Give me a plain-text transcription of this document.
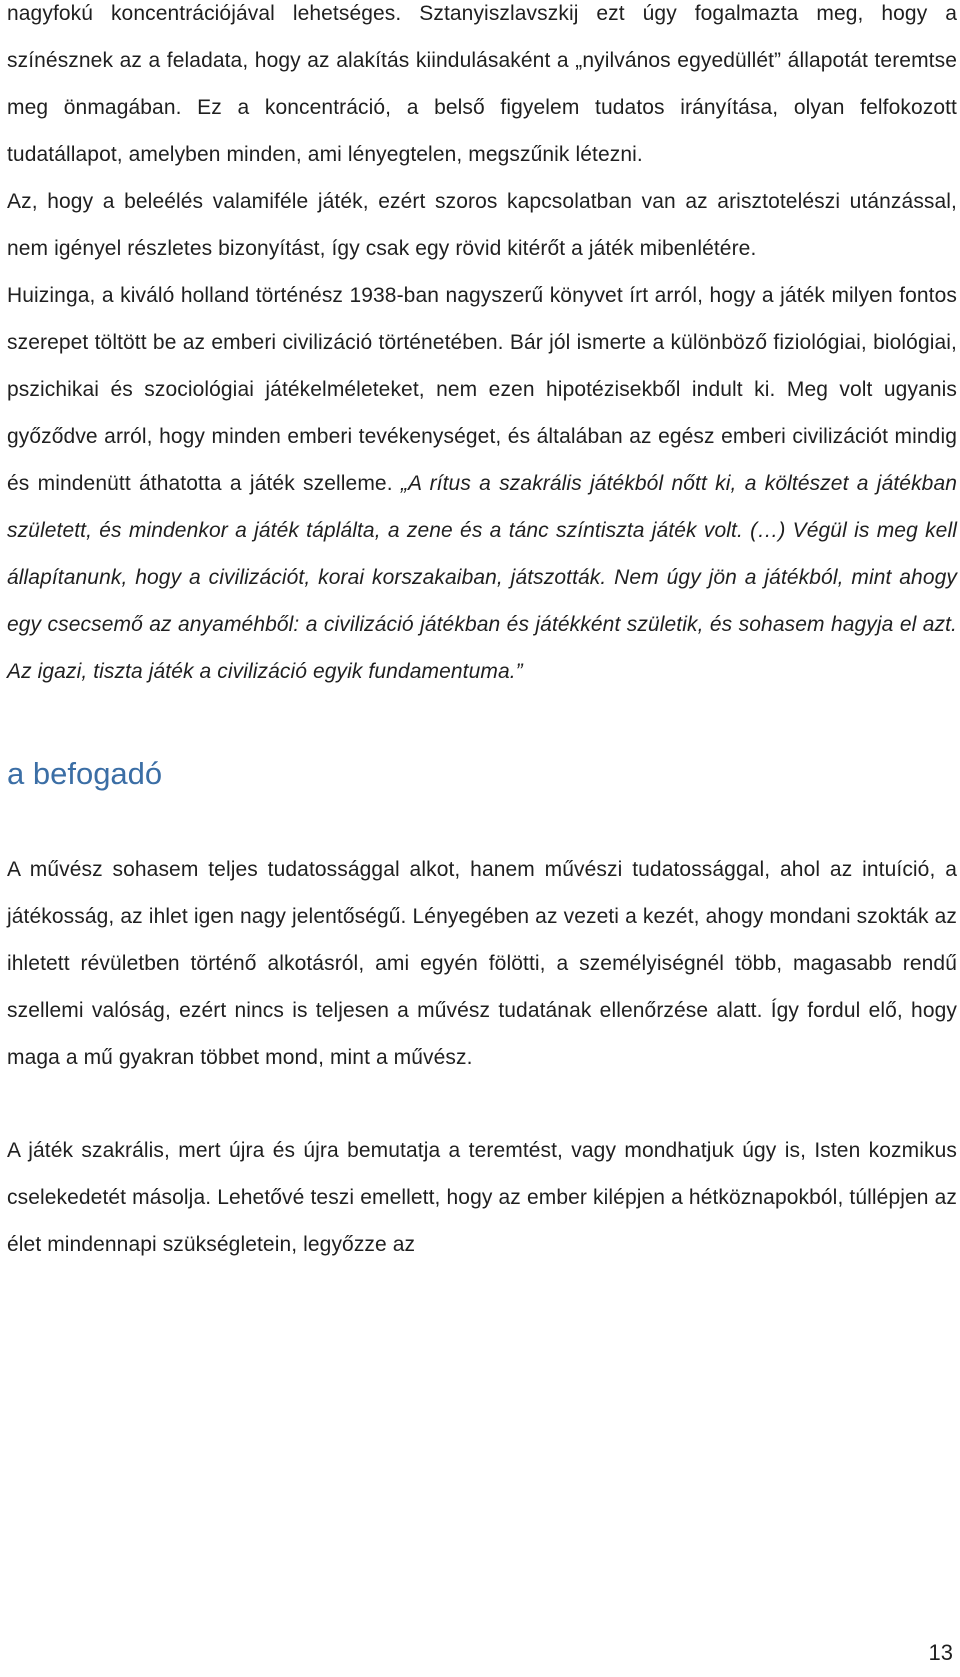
nagyfokú koncentrációjával lehetséges. Sztanyiszlavszkij ezt úgy fogalmazta meg, hogy a színésznek az a feladata, hogy az alakítás kiindulásaként a „nyilvános egyedüllét” állapotát teremtse meg önmagában. Ez a koncentráció, a belső figyelem tudatos irányítása, olyan felfokozott tudatállapot, amelyben minden, ami lényegtelen, megszűnik létezni.

Az, hogy a beleélés valamiféle játék, ezért szoros kapcsolatban van az arisztotelészi utánzással, nem igényel részletes bizonyítást, így csak egy rövid kitérőt a játék mibenlétére.

Huizinga, a kiváló holland történész 1938-ban nagyszerű könyvet írt arról, hogy a játék milyen fontos szerepet töltött be az emberi civilizáció történetében. Bár jól ismerte a különböző fiziológiai, biológiai, pszichikai és szociológiai játékelméleteket, nem ezen hipotézisekből indult ki. Meg volt ugyanis győződve arról, hogy minden emberi tevékenységet, és általában az egész emberi civilizációt mindig és mindenütt áthatotta a játék szelleme. „A rítus a szakrális játékból nőtt ki, a költészet a játékban született, és mindenkor a játék táplálta, a zene és a tánc színtiszta játék volt. (…) Végül is meg kell állapítanunk, hogy a civilizációt, korai korszakaiban, játszották. Nem úgy jön a játékból, mint ahogy egy csecsemő az anyaméhből: a civilizáció játékban és játékként születik, és sohasem hagyja el azt. Az igazi, tiszta játék a civilizáció egyik fundamentuma.”

a befogadó

A művész sohasem teljes tudatossággal alkot, hanem művészi tudatossággal, ahol az intuíció, a játékosság, az ihlet igen nagy jelentőségű. Lényegében az vezeti a kezét, ahogy mondani szokták az ihletett révületben történő alkotásról, ami egyén fölötti, a személyiségnél több, magasabb rendű szellemi valóság, ezért nincs is teljesen a művész tudatának ellenőrzése alatt. Így fordul elő, hogy maga a mű gyakran többet mond, mint a művész.

A játék szakrális, mert újra és újra bemutatja a teremtést, vagy mondhatjuk úgy is, Isten kozmikus cselekedetét másolja. Lehetővé teszi emellett, hogy az ember kilépjen a hétköznapokból, túllépjen az élet mindennapi szükségletein, legyőzze az

13
